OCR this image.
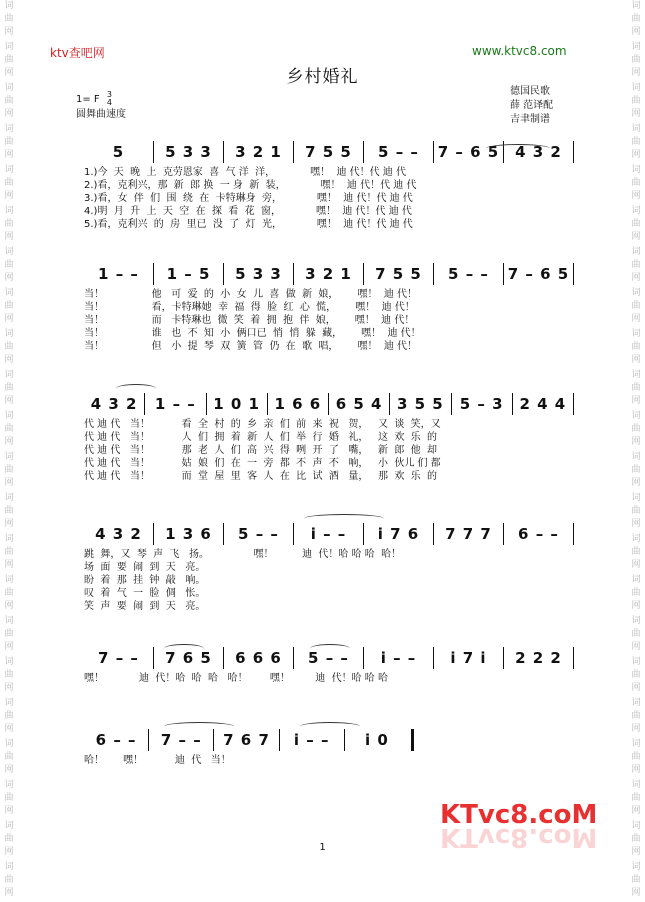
词
曲
网
词
曲
网
词
曲
网
词
曲
网
词
曲
网
词
曲
网
词
曲
网
词
曲
网
词
曲
网
词
曲
网
词
曲
网
词
曲
网
词
曲
网
词
曲
网
词
曲
网
词
曲
网
词
曲
网
词
曲
网
词
曲
网
词
曲
网
词
曲
网
词
曲
网
词
曲
网
词
曲
网
词
曲
网
词
曲
网
词
曲
网
词
曲
网
词
曲
网
词
曲
网
词
曲
网
词
曲
网
词
曲
网
词
曲
网
词
曲
网
词
曲
网
词
曲
网
词
曲
网
词
曲
网
词
曲
网
词
曲
网
词
曲
网
词
曲
网
词
曲
网
ktv查吧网	www.ktvc8.com
乡村婚礼
1= F 3
4
圆舞曲速度
德国民歌
薛 范译配
吉聿制谱
5	5 3 3	3 2 1	7 5 5	5 – –	7 – 6 5	4 3 2
1.)今  天  晚  上  克劳恩家  喜  气 洋  洋，           嘿！  迪 代！代 迪 代
2.)看，克利兴，那  新  郎 换  一 身  新  装，           嘿！  迪 代！代 迪 代
3.)看，女  伴  们  围  绕  在  卡特琳身  旁，           嘿！  迪 代！代 迪 代
4.)明  月  升  上  天  空  在  探  看  花  窗，           嘿！  迪 代！代 迪 代
5.)看，克利兴  的  房  里已  没  了  灯  光，           嘿！  迪 代！代 迪 代
1 – –	1 – 5	5 3 3	3 2 1	7 5 5	5 – –	7 – 6 5
当！               他   可  爱  的  小  女  儿  喜  做  新  娘，      嘿！  迪 代！
当！               看，卡特琳她  幸  福  得  脸  红  心  慌，      嘿！  迪 代！
当！               而   卡特琳也  微  笑  着  拥  抱  伴  娘，      嘿！  迪 代！
当！               谁   也  不  知  小  俩口已  悄  悄  躲  藏，      嘿！  迪 代！
当！               但   小  提  琴  双  簧  管  仍  在  歌  唱，      嘿！  迪 代！
4 3 2	1 – –	1 0 1 1 6 6 6 5 4 3 5 5	5 – 3	2 4 4
代 迪 代   当！          看  全  村  的  乡  亲  们  前  来  祝   贺，   又  谈  笑，又
代 迪 代   当！          人  们  拥  着  新  人  们  举  行  婚   礼，   这  欢  乐  的
代 迪 代   当！          那  老  人  们  高  兴  得  咧  开  了   嘴，   新  郎  他  却
代 迪 代   当！          姑  娘  们  在  一  旁  都  不  声  不   响，   小  伙儿 们 都
代 迪 代   当！          而  堂  屋  里  客  人  在  比  试  酒   量，   那  欢  乐  的
4 3 2	1 3 6	5 – –	i – –	i 7 6	7 7 7	6 – –
跳  舞，又  琴  声  飞   扬。              嘿！         迪  代！哈 哈 哈  哈！
场  面  要  闹  到  天   亮。
盼  着  那  挂  钟  敲   响。
叹  着  气  一  脸  倜   怅。
笑  声  要  闹  到  天   亮。
7 – –	7 6 5	6 6 6	5 – –	i – –	i 7 i	2 2 2
嘿！           迪  代！哈  哈  哈   哈！       嘿！        迪  代！哈 哈 哈
6 – –	7 – –	7 6 7	i – –	i 0
哈！      嘿！          迪  代   当！
1
KTvc8.coM
KTvc8.coM
